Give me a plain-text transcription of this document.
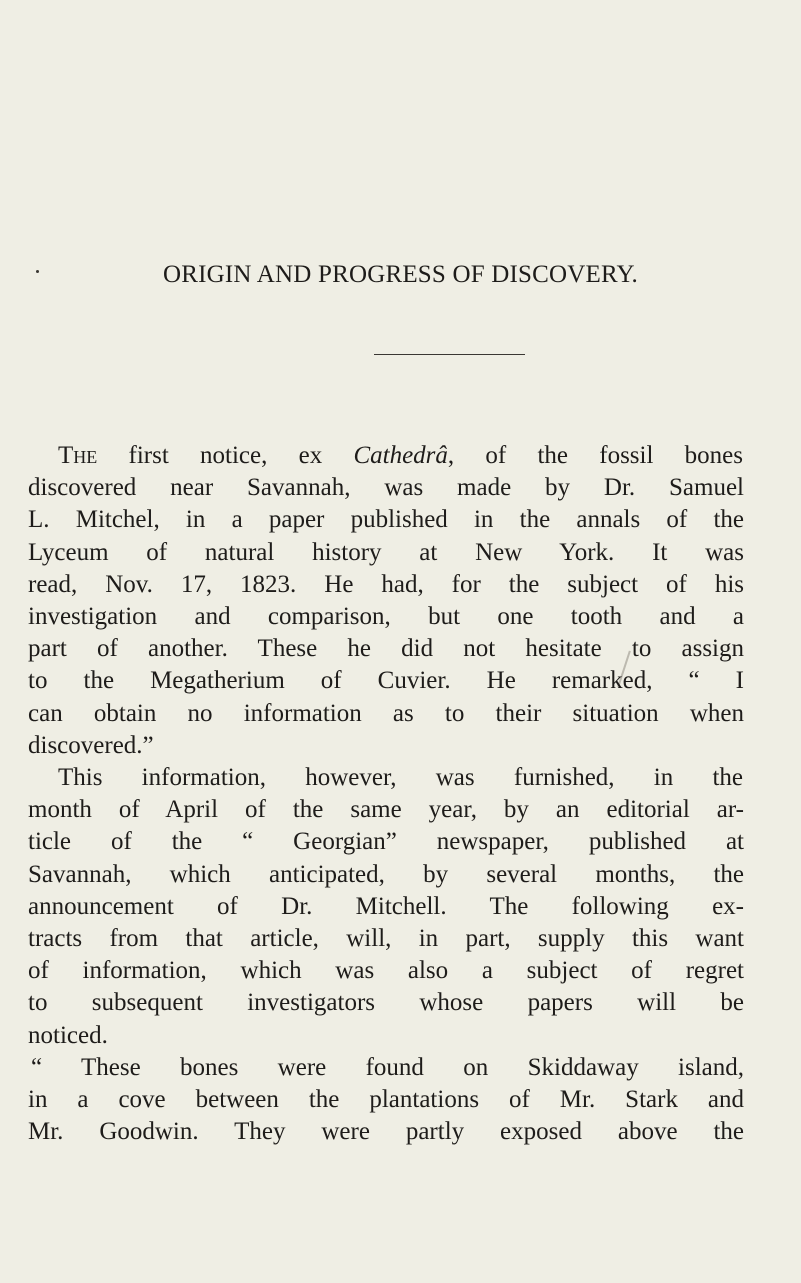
ORIGIN AND PROGRESS OF DISCOVERY.
The first notice, ex Cathedrâ, of the fossil bones
discovered near Savannah, was made by Dr. Samuel
L. Mitchel, in a paper published in the annals of the
Lyceum of natural history at New York. It was
read, Nov. 17, 1823. He had, for the subject of his
investigation and comparison, but one tooth and a
part of another. These he did not hesitate to assign
to the Megatherium of Cuvier. He remarked, “ I
can obtain no information as to their situation when
discovered.”
This information, however, was furnished, in the
month of April of the same year, by an editorial ar-
ticle of the “ Georgian” newspaper, published at
Savannah, which anticipated, by several months, the
announcement of Dr. Mitchell. The following ex-
tracts from that article, will, in part, supply this want
of information, which was also a subject of regret
to subsequent investigators whose papers will be
noticed.
“ These bones were found on Skiddaway island,
in a cove between the plantations of Mr. Stark and
Mr. Goodwin. They were partly exposed above the
